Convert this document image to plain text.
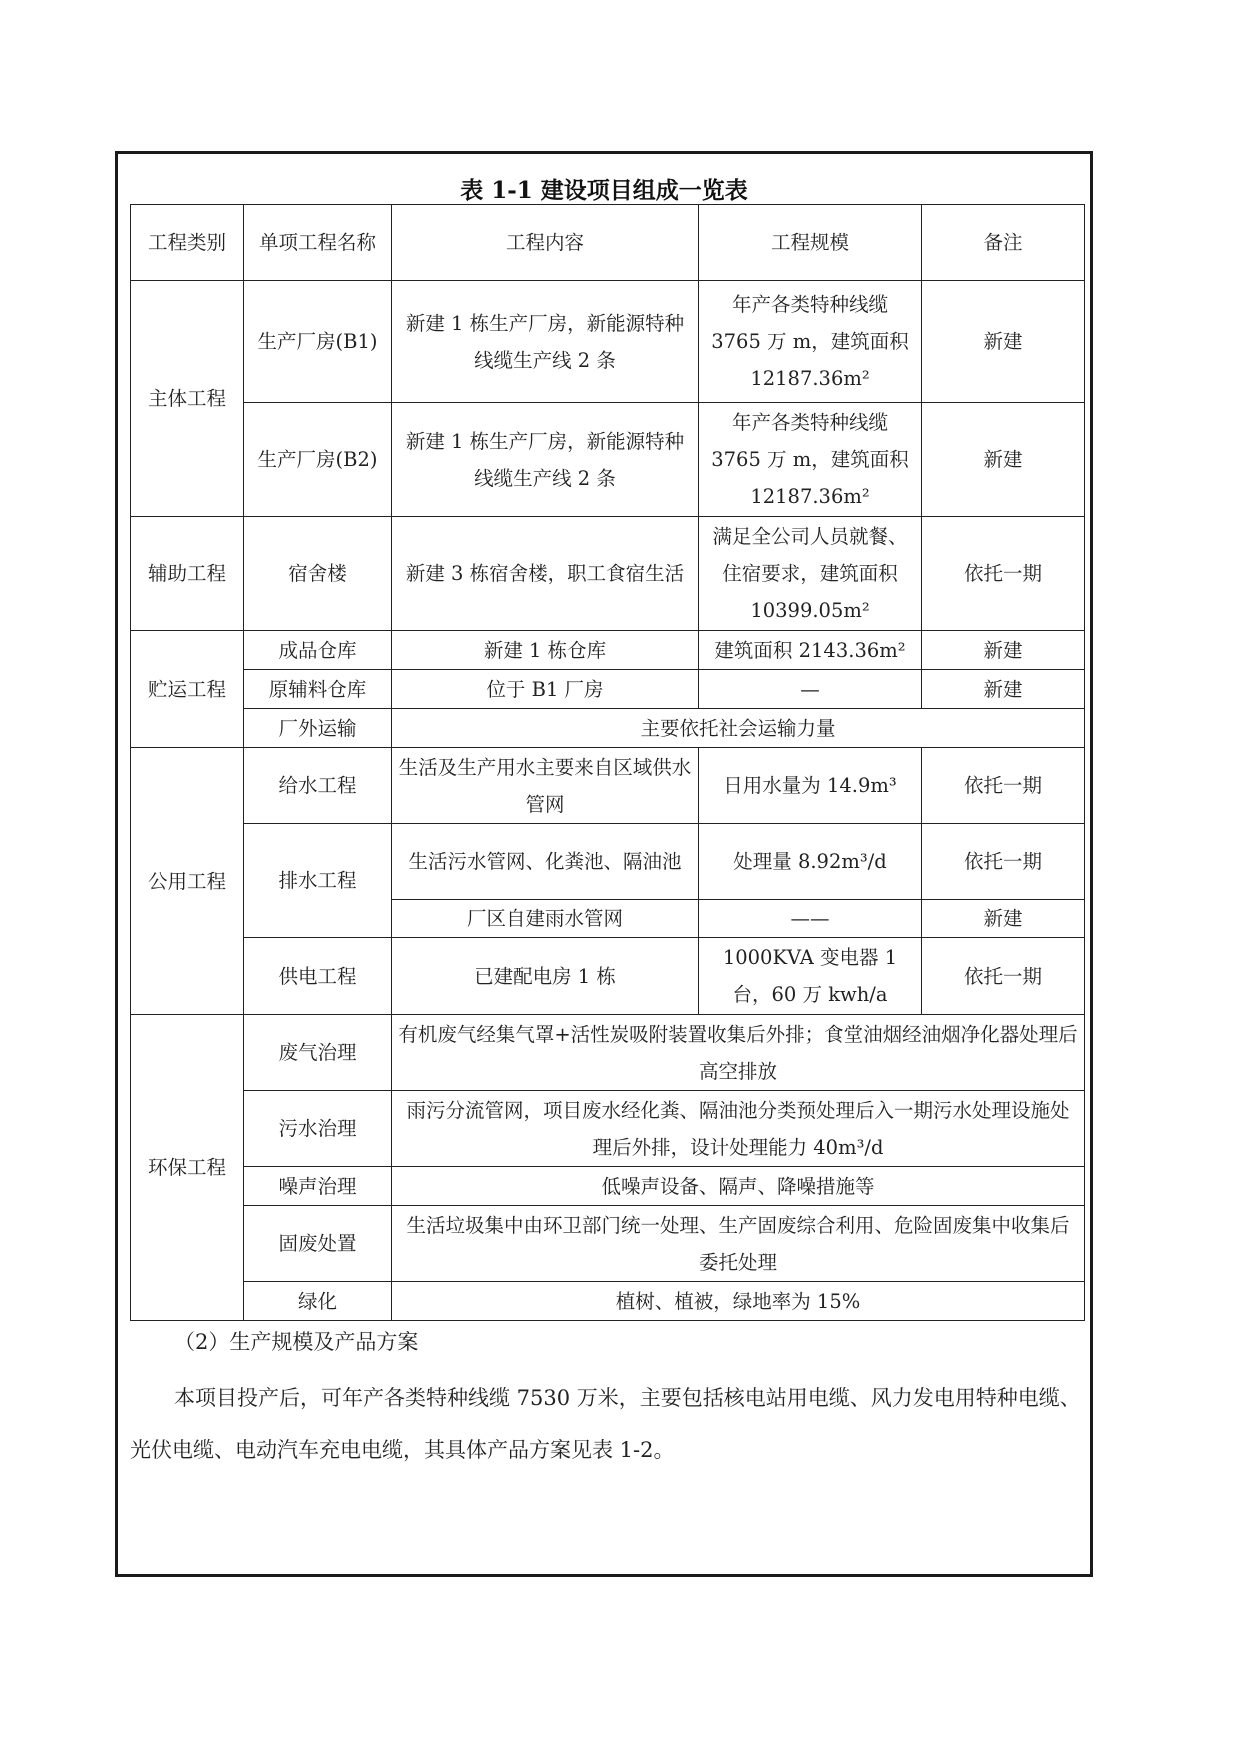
表 1-1 建设项目组成一览表
工程类别	单项工程名称	工程内容	工程规模	备注
主体工程	生产厂房(B1)	新建 1 栋生产厂房，新能源特种线缆生产线 2 条	年产各类特种线缆 3765 万 m，建筑面积 12187.36m²	新建
	生产厂房(B2)	新建 1 栋生产厂房，新能源特种线缆生产线 2 条	年产各类特种线缆 3765 万 m，建筑面积 12187.36m²	新建
辅助工程	宿舍楼	新建 3 栋宿舍楼，职工食宿生活	满足全公司人员就餐、住宿要求，建筑面积 10399.05m²	依托一期
贮运工程	成品仓库	新建 1 栋仓库	建筑面积 2143.36m²	新建
	原辅料仓库	位于 B1 厂房	—	新建
	厂外运输	主要依托社会运输力量		
公用工程	给水工程	生活及生产用水主要来自区域供水管网	日用水量为 14.9m³	依托一期
	排水工程	生活污水管网、化粪池、隔油池	处理量 8.92m³/d	依托一期
		厂区自建雨水管网	——	新建
	供电工程	已建配电房 1 栋	1000KVA 变电器 1 台，60 万 kwh/a	依托一期
环保工程	废气治理	有机废气经集气罩+活性炭吸附装置收集后外排；食堂油烟经油烟净化器处理后高空排放		
	污水治理	雨污分流管网，项目废水经化粪、隔油池分类预处理后入一期污水处理设施处理后外排，设计处理能力 40m³/d		
	噪声治理	低噪声设备、隔声、降噪措施等		
	固废处置	生活垃圾集中由环卫部门统一处理、生产固废综合利用、危险固废集中收集后委托处理		
	绿化	植树、植被，绿地率为 15%		
（2）生产规模及产品方案
本项目投产后，可年产各类特种线缆 7530 万米，主要包括核电站用电缆、风力发电用特种电缆、光伏电缆、电动汽车充电电缆，其具体产品方案见表 1-2。
